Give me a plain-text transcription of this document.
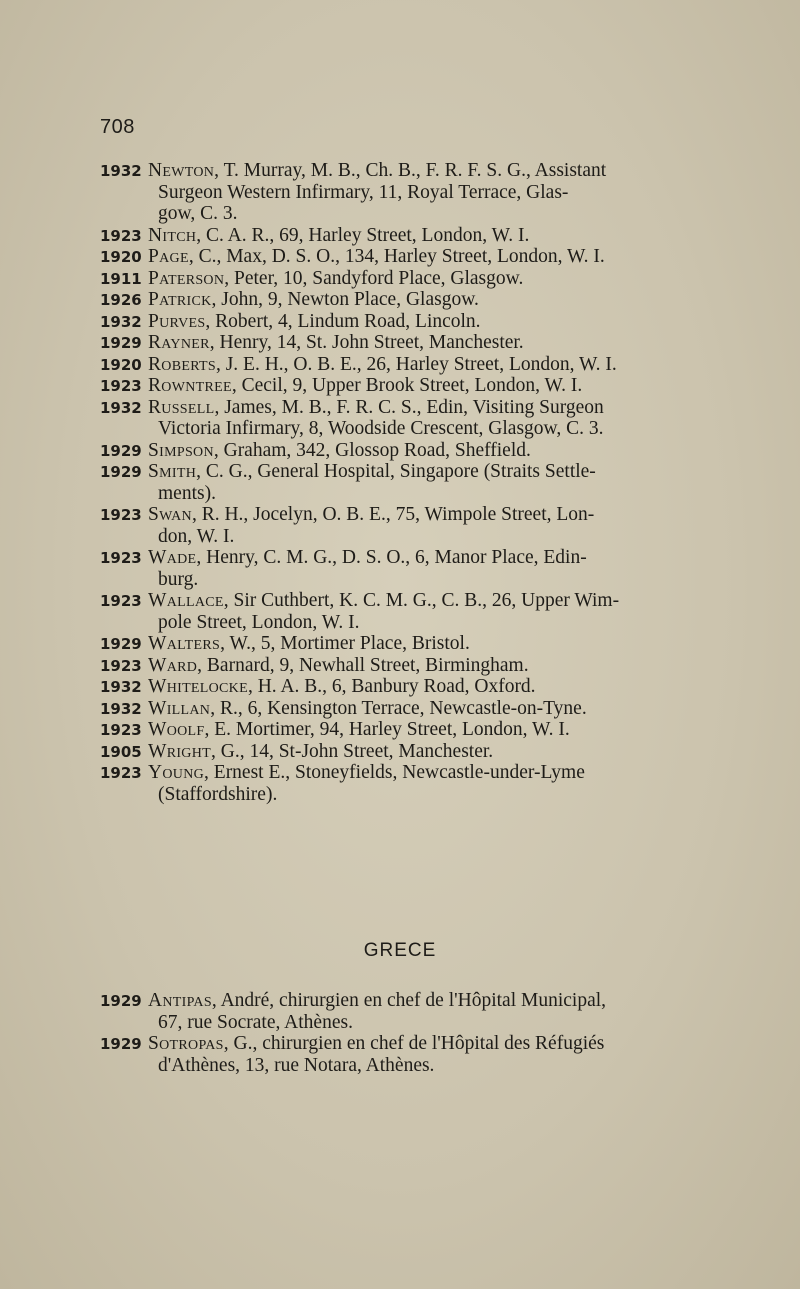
708
1932 Newton, T. Murray, M. B., Ch. B., F. R. F. S. G., Assistant
Surgeon Western Infirmary, 11, Royal Terrace, Glas-
gow, C. 3.
1923 Nitch, C. A. R., 69, Harley Street, London, W. I.
1920 Page, C., Max, D. S. O., 134, Harley Street, London, W. I.
1911 Paterson, Peter, 10, Sandyford Place, Glasgow.
1926 Patrick, John, 9, Newton Place, Glasgow.
1932 Purves, Robert, 4, Lindum Road, Lincoln.
1929 Rayner, Henry, 14, St. John Street, Manchester.
1920 Roberts, J. E. H., O. B. E., 26, Harley Street, London, W. I.
1923 Rowntree, Cecil, 9, Upper Brook Street, London, W. I.
1932 Russell, James, M. B., F. R. C. S., Edin, Visiting Surgeon
Victoria Infirmary, 8, Woodside Crescent, Glasgow, C. 3.
1929 Simpson, Graham, 342, Glossop Road, Sheffield.
1929 Smith, C. G., General Hospital, Singapore (Straits Settle-
ments).
1923 Swan, R. H., Jocelyn, O. B. E., 75, Wimpole Street, Lon-
don, W. I.
1923 Wade, Henry, C. M. G., D. S. O., 6, Manor Place, Edin-
burg.
1923 Wallace, Sir Cuthbert, K. C. M. G., C. B., 26, Upper Wim-
pole Street, London, W. I.
1929 Walters, W., 5, Mortimer Place, Bristol.
1923 Ward, Barnard, 9, Newhall Street, Birmingham.
1932 Whitelocke, H. A. B., 6, Banbury Road, Oxford.
1932 Willan, R., 6, Kensington Terrace, Newcastle-on-Tyne.
1923 Woolf, E. Mortimer, 94, Harley Street, London, W. I.
1905 Wright, G., 14, St-John Street, Manchester.
1923 Young, Ernest E., Stoneyfields, Newcastle-under-Lyme
(Staffordshire).
GRECE
1929 Antipas, André, chirurgien en chef de l'Hôpital Municipal,
67, rue Socrate, Athènes.
1929 Sotropas, G., chirurgien en chef de l'Hôpital des Réfugiés
d'Athènes, 13, rue Notara, Athènes.
